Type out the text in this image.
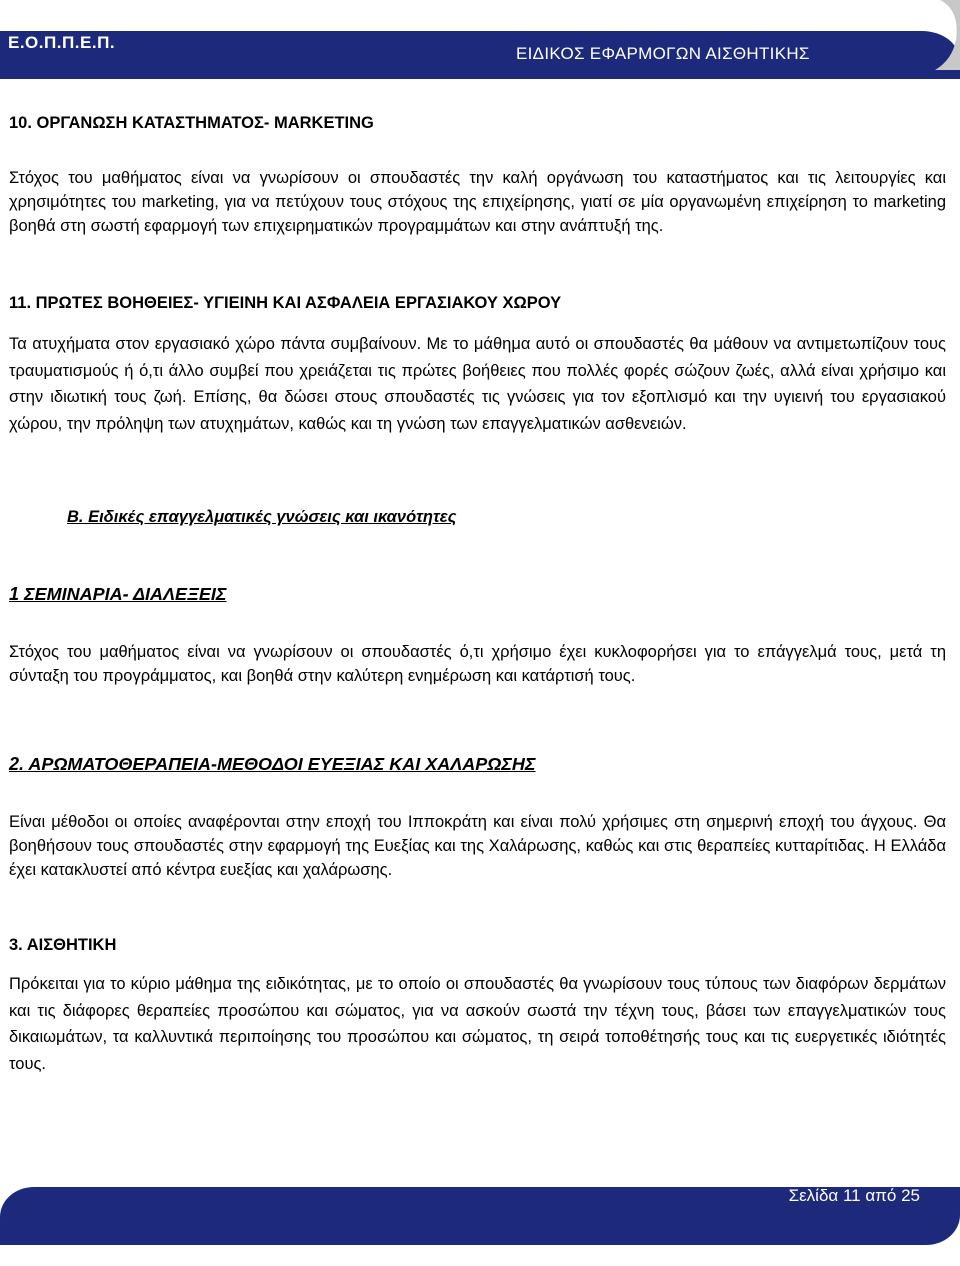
Ε.Ο.Π.Π.Ε.Π.
ΕΙΔΙΚΟΣ ΕΦΑΡΜΟΓΩΝ ΑΙΣΘΗΤΙΚΗΣ

10. ΟΡΓΑΝΩΣΗ ΚΑΤΑΣΤΗΜΑΤΟΣ- MARKETING

Στόχος του μαθήματος είναι να γνωρίσουν οι σπουδαστές την καλή οργάνωση του καταστήματος και τις λειτουργίες και χρησιμότητες του marketing, για να πετύχουν τους στόχους της επιχείρησης, γιατί σε μία οργανωμένη επιχείρηση το marketing βοηθά στη σωστή εφαρμογή των επιχειρηματικών προγραμμάτων και στην ανάπτυξή της.

11. ΠΡΩΤΕΣ ΒΟΗΘΕΙΕΣ- ΥΓΙΕΙΝΗ ΚΑΙ ΑΣΦΑΛΕΙΑ ΕΡΓΑΣΙΑΚΟΥ ΧΩΡΟΥ

Τα ατυχήματα στον εργασιακό χώρο πάντα συμβαίνουν. Με το μάθημα αυτό οι σπουδαστές θα μάθουν να αντιμετωπίζουν τους τραυματισμούς ή ό,τι άλλο συμβεί που χρειάζεται τις πρώτες βοήθειες που πολλές φορές σώζουν ζωές, αλλά είναι χρήσιμο και στην ιδιωτική τους ζωή. Επίσης, θα δώσει στους σπουδαστές τις γνώσεις για τον εξοπλισμό και την υγιεινή του εργασιακού χώρου, την πρόληψη των ατυχημάτων, καθώς και τη γνώση των επαγγελματικών ασθενειών.

Β. Ειδικές επαγγελματικές γνώσεις και ικανότητες

1 ΣΕΜΙΝΑΡΙΑ- ΔΙΑΛΕΞΕΙΣ

Στόχος του μαθήματος είναι να γνωρίσουν οι σπουδαστές ό,τι χρήσιμο έχει κυκλοφορήσει για το επάγγελμά τους, μετά τη σύνταξη του προγράμματος, και βοηθά στην καλύτερη ενημέρωση και κατάρτισή τους.

2. ΑΡΩΜΑΤΟΘΕΡΑΠΕΙΑ-ΜΕΘΟΔΟΙ ΕΥΕΞΙΑΣ ΚΑΙ ΧΑΛΑΡΩΣΗΣ

Είναι μέθοδοι οι οποίες αναφέρονται στην εποχή του Ιπποκράτη και είναι πολύ χρήσιμες στη σημερινή εποχή του άγχους. Θα βοηθήσουν τους σπουδαστές στην εφαρμογή της Ευεξίας και της Χαλάρωσης, καθώς και στις θεραπείες κυτταρίτιδας. Η Ελλάδα έχει κατακλυστεί από κέντρα ευεξίας και χαλάρωσης.

3. ΑΙΣΘΗΤΙΚΗ

Πρόκειται για το κύριο μάθημα της ειδικότητας, με το οποίο οι σπουδαστές θα γνωρίσουν τους τύπους των διαφόρων δερμάτων και τις διάφορες θεραπείες προσώπου και σώματος, για να ασκούν σωστά την τέχνη τους, βάσει των επαγγελματικών τους δικαιωμάτων, τα καλλυντικά περιποίησης του προσώπου και σώματος, τη σειρά τοποθέτησής τους και τις ευεργετικές ιδιότητές τους.

Σελίδα 11 από 25
